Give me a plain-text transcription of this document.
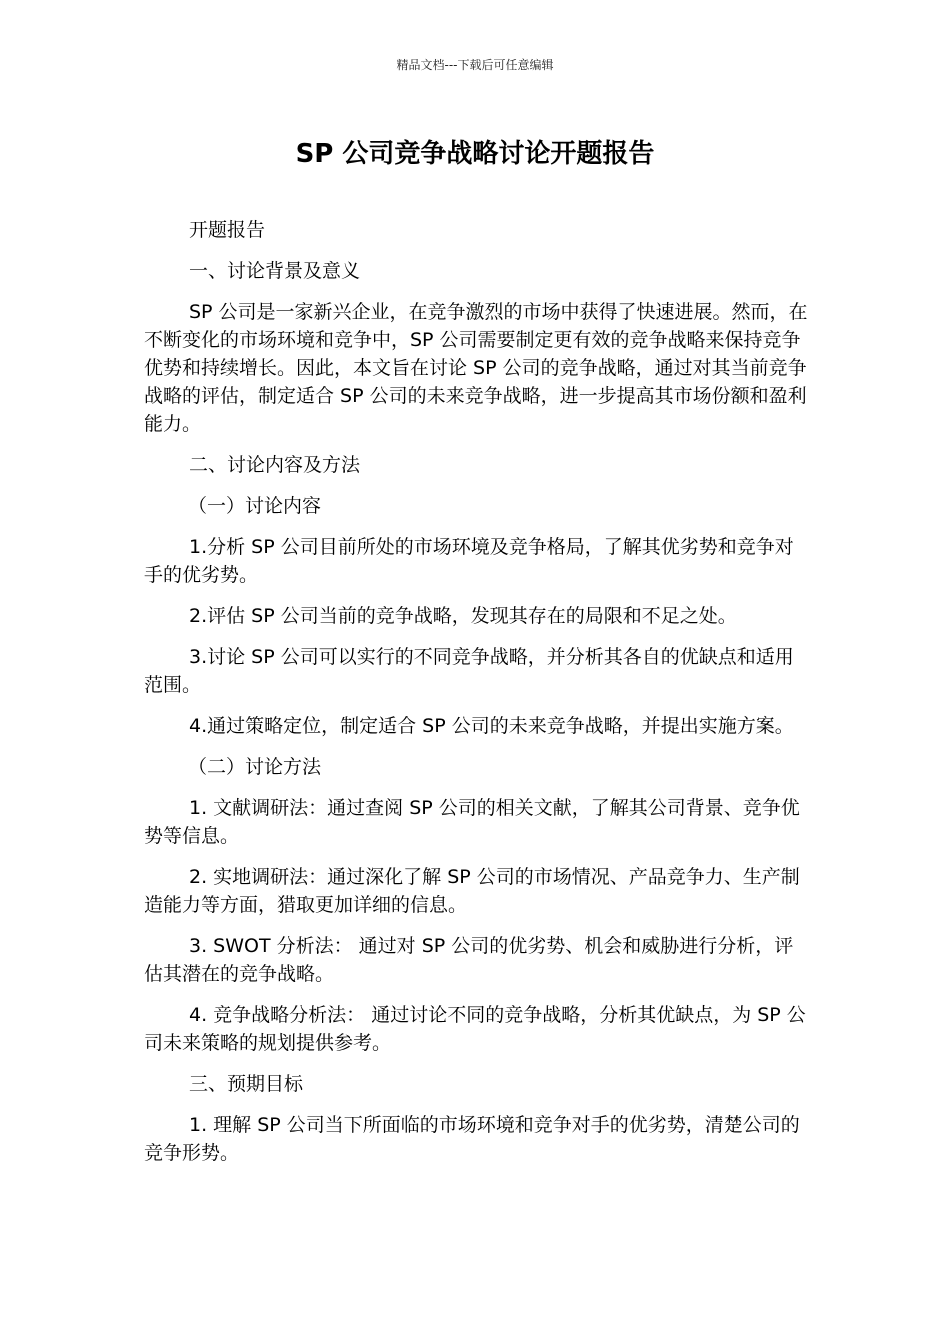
精品文档---下载后可任意编辑
SP 公司竞争战略讨论开题报告

开题报告

一、讨论背景及意义

SP 公司是一家新兴企业，在竞争激烈的市场中获得了快速进展。然而，在不断变化的市场环境和竞争中，SP 公司需要制定更有效的竞争战略来保持竞争优势和持续增长。因此，本文旨在讨论 SP 公司的竞争战略，通过对其当前竞争战略的评估，制定适合 SP 公司的未来竞争战略，进一步提高其市场份额和盈利能力。

二、讨论内容及方法

（一）讨论内容

1.分析 SP 公司目前所处的市场环境及竞争格局，了解其优劣势和竞争对手的优劣势。

2.评估 SP 公司当前的竞争战略，发现其存在的局限和不足之处。

3.讨论 SP 公司可以实行的不同竞争战略，并分析其各自的优缺点和适用范围。

4.通过策略定位，制定适合 SP 公司的未来竞争战略，并提出实施方案。

（二）讨论方法

1. 文献调研法：通过查阅 SP 公司的相关文献，了解其公司背景、竞争优势等信息。

2. 实地调研法：通过深化了解 SP 公司的市场情况、产品竞争力、生产制造能力等方面，猎取更加详细的信息。

3. SWOT 分析法： 通过对 SP 公司的优劣势、机会和威胁进行分析，评估其潜在的竞争战略。

4. 竞争战略分析法： 通过讨论不同的竞争战略，分析其优缺点，为 SP 公司未来策略的规划提供参考。

三、预期目标

1. 理解 SP 公司当下所面临的市场环境和竞争对手的优劣势，清楚公司的竞争形势。
